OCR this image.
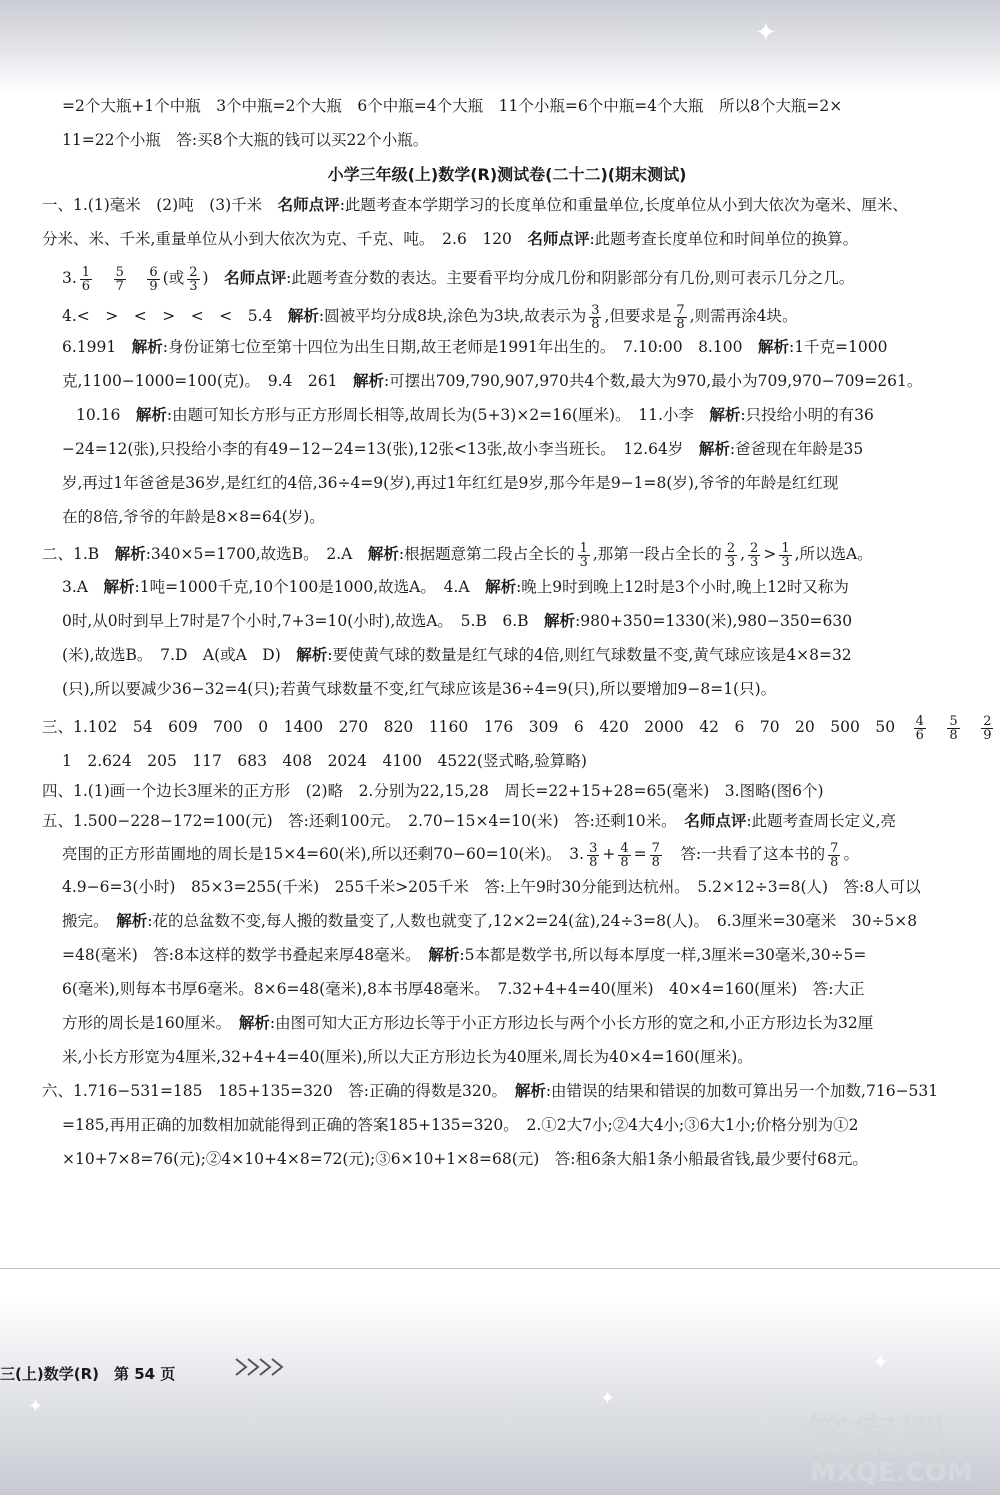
✦
✦	✦
✦

=2个大瓶+1个中瓶　3个中瓶=2个大瓶　6个中瓶=4个大瓶　11个小瓶=6个中瓶=4个大瓶　所以8个大瓶=2×

11=22个小瓶　答:买8个大瓶的钱可以买22个小瓶。

小学三年级(上)数学(R)测试卷(二十二)(期末测试)

一、1.(1)毫米　(2)吨　(3)千米　名师点评:此题考查本学期学习的长度单位和重量单位,长度单位从小到大依次为毫米、厘米、

分米、米、千米,重量单位从小到大依次为克、千克、吨。　2.6　120　名师点评:此题考查长度单位和时间单位的换算。

3. $\frac{1}{6}$
　 $\frac{5}{7}$
　 $\frac{6}{9}$ (或 $\frac{2}{3}$ )　 名师点评:此题考查分数的表达。主要看平均分成几份和阴影部分有几份,则可表示几分之几。

4.<　>　<　>　<　<　5.4　解析:圆被平均分成8块,涂色为3块,故表示为 $\frac{3}{8}$ ,但要求是 $\frac{7}{8}$ ,则需再涂4块。

6.1991　解析:身份证第七位至第十四位为出生日期,故王老师是1991年出生的。　7.10:00　8.100　解析:1千克=1000

克,1100−1000=100(克)。　9.4　261　解析:可摆出709,790,907,970共4个数,最大为970,最小为709,970−709=261。

10.16　解析:由题可知长方形与正方形周长相等,故周长为(5+3)×2=16(厘米)。　11.小李　解析:只投给小明的有36

−24=12(张),只投给小李的有49−12−24=13(张),12张<13张,故小李当班长。　12.64岁　解析:爸爸现在年龄是35

岁,再过1年爸爸是36岁,是红红的4倍,36÷4=9(岁),再过1年红红是9岁,那今年是9−1=8(岁),爷爷的年龄是红红现

在的8倍,爷爷的年龄是8×8=64(岁)。

二、1.B　解析:340×5=1700,故选B。　2.A　解析:根据题意第二段占全长的 $\frac{1}{3}$ ,那第一段占全长的 $\frac{2}{3}$ , $\frac{2}{3} > \frac{1}{3}$ ,所以选A。

3.A　解析:1吨=1000千克,10个100是1000,故选A。　4.A　解析:晚上9时到晚上12时是3个小时,晚上12时又称为

0时,从0时到早上7时是7个小时,7+3=10(小时),故选A。　5.B　6.B　解析:980+350=1330(米),980−350=630

(米),故选B。　7.D　A(或A　D)　解析:要使黄气球的数量是红气球的4倍,则红气球数量不变,黄气球应该是4×8=32

(只),所以要减少36−32=4(只);若黄气球数量不变,红气球应该是36÷4=9(只),所以要增加9−8=1(只)。

三、1.102　54　609　700　0　1400　270　820　1160　176　309　6　420　2000　42　6　70　20　500　50　 $\frac{4}{6}$
　 $\frac{5}{8}$
　 $\frac{2}{9}$

1　2.624　205　117　683　408　2024　4100　4522(竖式略,验算略)

四、1.(1)画一个边长3厘米的正方形　(2)略　2.分别为22,15,28　周长=22+15+28=65(毫米)　3.图略(图6个)

五、1.500−228−172=100(元)　答:还剩100元。　2.70−15×4=10(米)　答:还剩10米。　名师点评:此题考查周长定义,亮

亮围的正方形苗圃地的周长是15×4=60(米),所以还剩70−60=10(米)。　3. $\frac{3}{8} + \frac{4}{8} = \frac{7}{8}$ 　答:一共看了这本书的 $\frac{7}{8}$ 。

4.9−6=3(小时)　85×3=255(千米)　255千米>205千米　答:上午9时30分能到达杭州。　5.2×12÷3=8(人)　答:8人可以

搬完。　解析:花的总盆数不变,每人搬的数量变了,人数也就变了,12×2=24(盆),24÷3=8(人)。　6.3厘米=30毫米　30÷5×8

=48(毫米)　答:8本这样的数学书叠起来厚48毫米。　解析:5本都是数学书,所以每本厚度一样,3厘米=30毫米,30÷5=

6(毫米),则每本书厚6毫米。8×6=48(毫米),8本书厚48毫米。　7.32+4+4=40(厘米)　40×4=160(厘米)　答:大正

方形的周长是160厘米。　解析:由图可知大正方形边长等于小正方形边长与两个小长方形的宽之和,小正方形边长为32厘

米,小长方形宽为4厘米,32+4+4=40(厘米),所以大正方形边长为40厘米,周长为40×4=160(厘米)。

六、1.716−531=185　185+135=320　答:正确的得数是320。　解析:由错误的结果和错误的加数可算出另一个加数,716−531

=185,再用正确的加数相加就能得到正确的答案185+135=320。　2.①2大7小;②4大4小;③6大1小;价格分别为①2

×10+7×8=76(元);②4×10+4×8=72(元);③6×10+1×8=68(元)　答:租6条大船1条小船最省钱,最少要付68元。

三(上)数学(R)　第 54 页
答案圈
MXQE.COM
